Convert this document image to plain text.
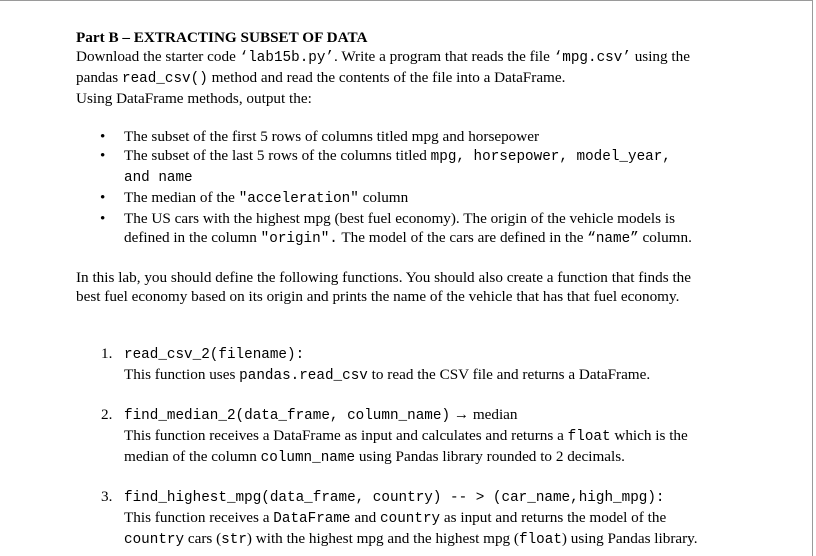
Part B – EXTRACTING SUBSET OF DATA

Download the starter code ‘lab15b.py’. Write a program that reads the file ‘mpg.csv’ using the

pandas read_csv() method and read the contents of the file into a DataFrame.

Using DataFrame methods, output the:

• The subset of the first 5 rows of columns titled mpg and horsepower
• The subset of the last 5 rows of the columns titled mpg, horsepower, model_year,
and name
• The median of the "acceleration" column
• The US cars with the highest mpg (best fuel economy). The origin of the vehicle models is
defined in the column "origin". The model of the cars are defined in the “name” column.

In this lab, you should define the following functions. You should also create a function that finds the

best fuel economy based on its origin and prints the name of the vehicle that has that fuel economy.

1. read_csv_2(filename):
This function uses pandas.read_csv to read the CSV file and returns a DataFrame.
2. find_median_2(data_frame, column_name) → median
This function receives a DataFrame as input and calculates and returns a float which is the
median of the column column_name using Pandas library rounded to 2 decimals.
3. find_highest_mpg(data_frame, country) -- > (car_name,high_mpg):
This function receives a DataFrame and country as input and returns the model of the
country cars (str) with the highest mpg and the highest mpg (float) using Pandas library.
